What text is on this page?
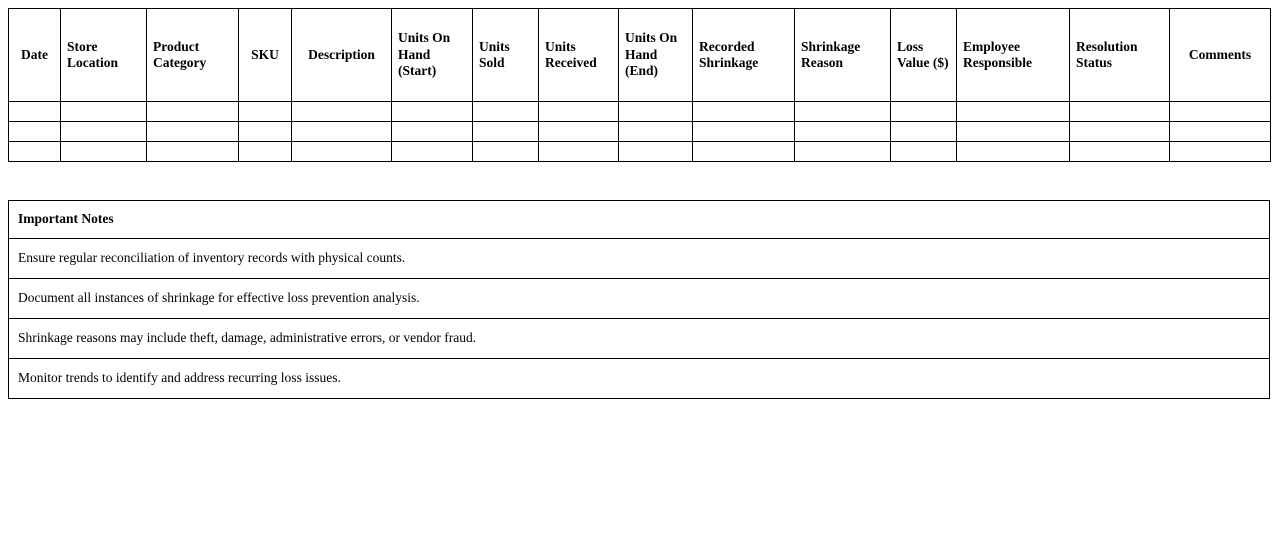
Date	Store Location	Product Category	SKU	Description	Units On Hand (Start)	Units Sold	Units Received	Units On Hand (End)	Recorded Shrinkage	Shrinkage Reason	Loss Value ($)	Employee Responsible	Resolution Status	Comments

Important Notes
Ensure regular reconciliation of inventory records with physical counts.
Document all instances of shrinkage for effective loss prevention analysis.
Shrinkage reasons may include theft, damage, administrative errors, or vendor fraud.
Monitor trends to identify and address recurring loss issues.
